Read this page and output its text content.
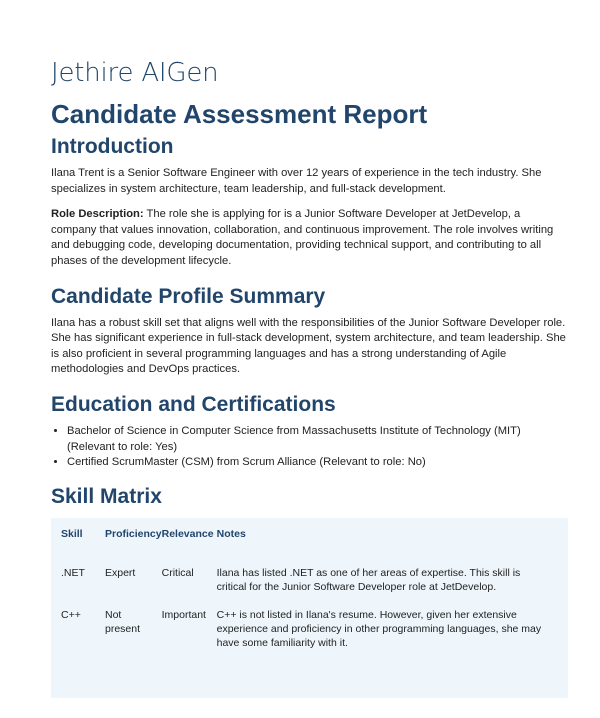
Jethire AIGen
Candidate Assessment Report
Introduction

Ilana Trent is a Senior Software Engineer with over 12 years of experience in the tech industry. She specializes in system architecture, team leadership, and full-stack development.

Role Description: The role she is applying for is a Junior Software Developer at JetDevelop, a company that values innovation, collaboration, and continuous improvement. The role involves writing and debugging code, developing documentation, providing technical support, and contributing to all phases of the development lifecycle.

Candidate Profile Summary

Ilana has a robust skill set that aligns well with the responsibilities of the Junior Software Developer role. She has significant experience in full-stack development, system architecture, and team leadership. She is also proficient in several programming languages and has a strong understanding of Agile methodologies and DevOps practices.

Education and Certifications
• Bachelor of Science in Computer Science from Massachusetts Institute of Technology (MIT) (Relevant to role: Yes)
• Certified ScrumMaster (CSM) from Scrum Alliance (Relevant to role: No)
Skill Matrix
Skill	Proficiency	Relevance	Notes
.NET	Expert	Critical	Ilana has listed .NET as one of her areas of expertise. This skill is critical for the Junior Software Developer role at JetDevelop.
C++	Not present	Important	C++ is not listed in Ilana's resume. However, given her extensive experience and proficiency in other programming languages, she may have some familiarity with it.
